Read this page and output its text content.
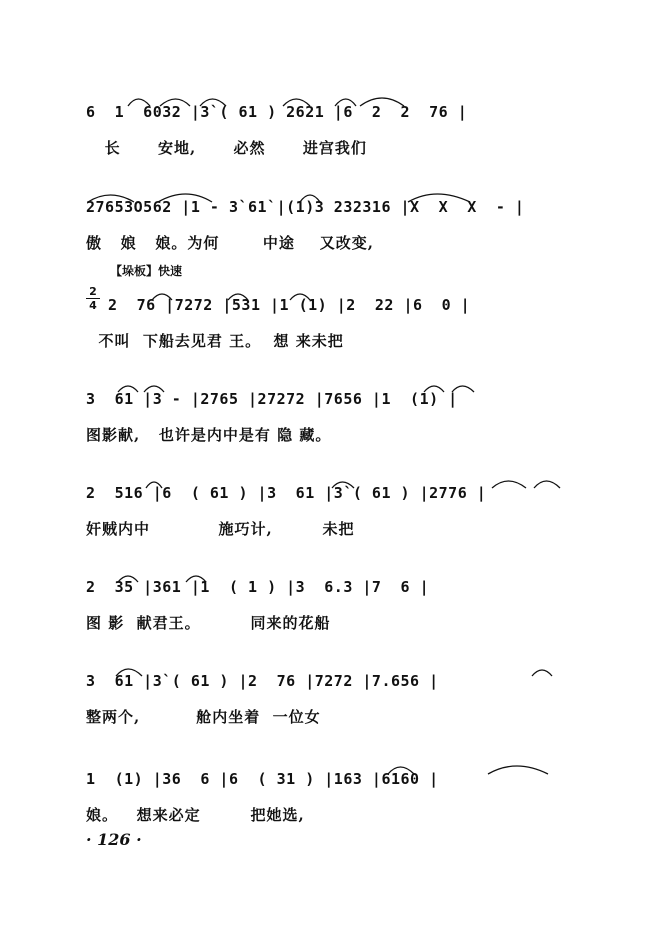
【垛板】快速
2
4
6  1  6032 |3`( 61 ) 2621 |6  2  2  76 |
长      安地,      必然      进宫我们
27653O562 |1 - 3`61`|(1)3 232316 |X  X  X  - |
傲   娘   娘。为何       中途    又改变,
2  76 |7272 |531 |1 (1) |2  22 |6  0 |
不叫  下船去见君 王。  想 来未把
3  61 |3 - |2765 |27272 |7656 |1  (1) |
图影献,   也许是内中是有 隐 藏。
2  516 |6  ( 61 ) |3  61 |3`( 61 ) |2776 |
奸贼内中           施巧计,        未把
2  35 |361 |1  ( 1 ) |3  6.3 |7  6 |
图 影  献君王。        同来的花船
3  61 |3`( 61 ) |2  76 |7272 |7.656 |
整两个,         舱内坐着  一位女
1  (1) |36  6 |6  ( 31 ) |163 |6160 |
娘。   想来必定        把她选,
· 126 ·
